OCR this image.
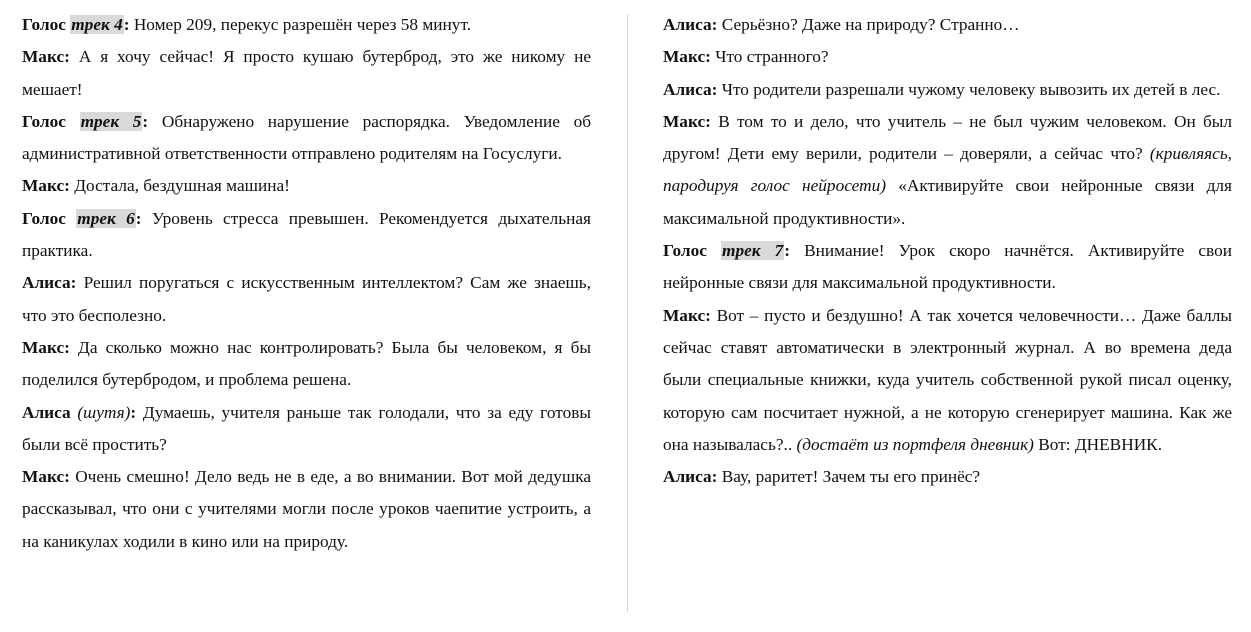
Голос трек 4: Номер 209, перекус разрешён через 58 минут.

Макс: А я хочу сейчас! Я просто кушаю бутерброд, это же никому не мешает!

Голос трек 5: Обнаружено нарушение распорядка. Уведомление об административной ответственности отправлено родителям на Госуслуги.

Макс: Достала, бездушная машина!

Голос трек 6: Уровень стресса превышен. Рекомендуется дыхательная практика.

Алиса: Решил поругаться с искусственным интеллектом? Сам же знаешь, что это бесполезно.

Макс: Да сколько можно нас контролировать? Была бы человеком, я бы поделился бутербродом, и проблема решена.

Алиса (шутя): Думаешь, учителя раньше так голодали, что за еду готовы были всё простить?

Макс: Очень смешно! Дело ведь не в еде, а во внимании. Вот мой дедушка рассказывал, что они с учителями могли после уроков чаепитие устроить, а на каникулах ходили в кино или на природу.

Алиса: Серьёзно? Даже на природу? Странно…

Макс: Что странного?

Алиса: Что родители разрешали чужому человеку вывозить их детей в лес.

Макс: В том то и дело, что учитель – не был чужим человеком. Он был другом! Дети ему верили, родители – доверяли, а сейчас что? (кривляясь, пародируя голос нейросети) «Активируйте свои нейронные связи для максимальной продуктивности».

Голос трек 7: Внимание! Урок скоро начнётся. Активируйте свои нейронные связи для максимальной продуктивности.

Макс: Вот – пусто и бездушно! А так хочется человечности… Даже баллы сейчас ставят автоматически в электронный журнал. А во времена деда были специальные книжки, куда учитель собственной рукой писал оценку, которую сам посчитает нужной, а не которую сгенерирует машина. Как же она называлась?.. (достаёт из портфеля дневник) Вот: ДНЕВНИК.

Алиса: Вау, раритет! Зачем ты его принёс?
